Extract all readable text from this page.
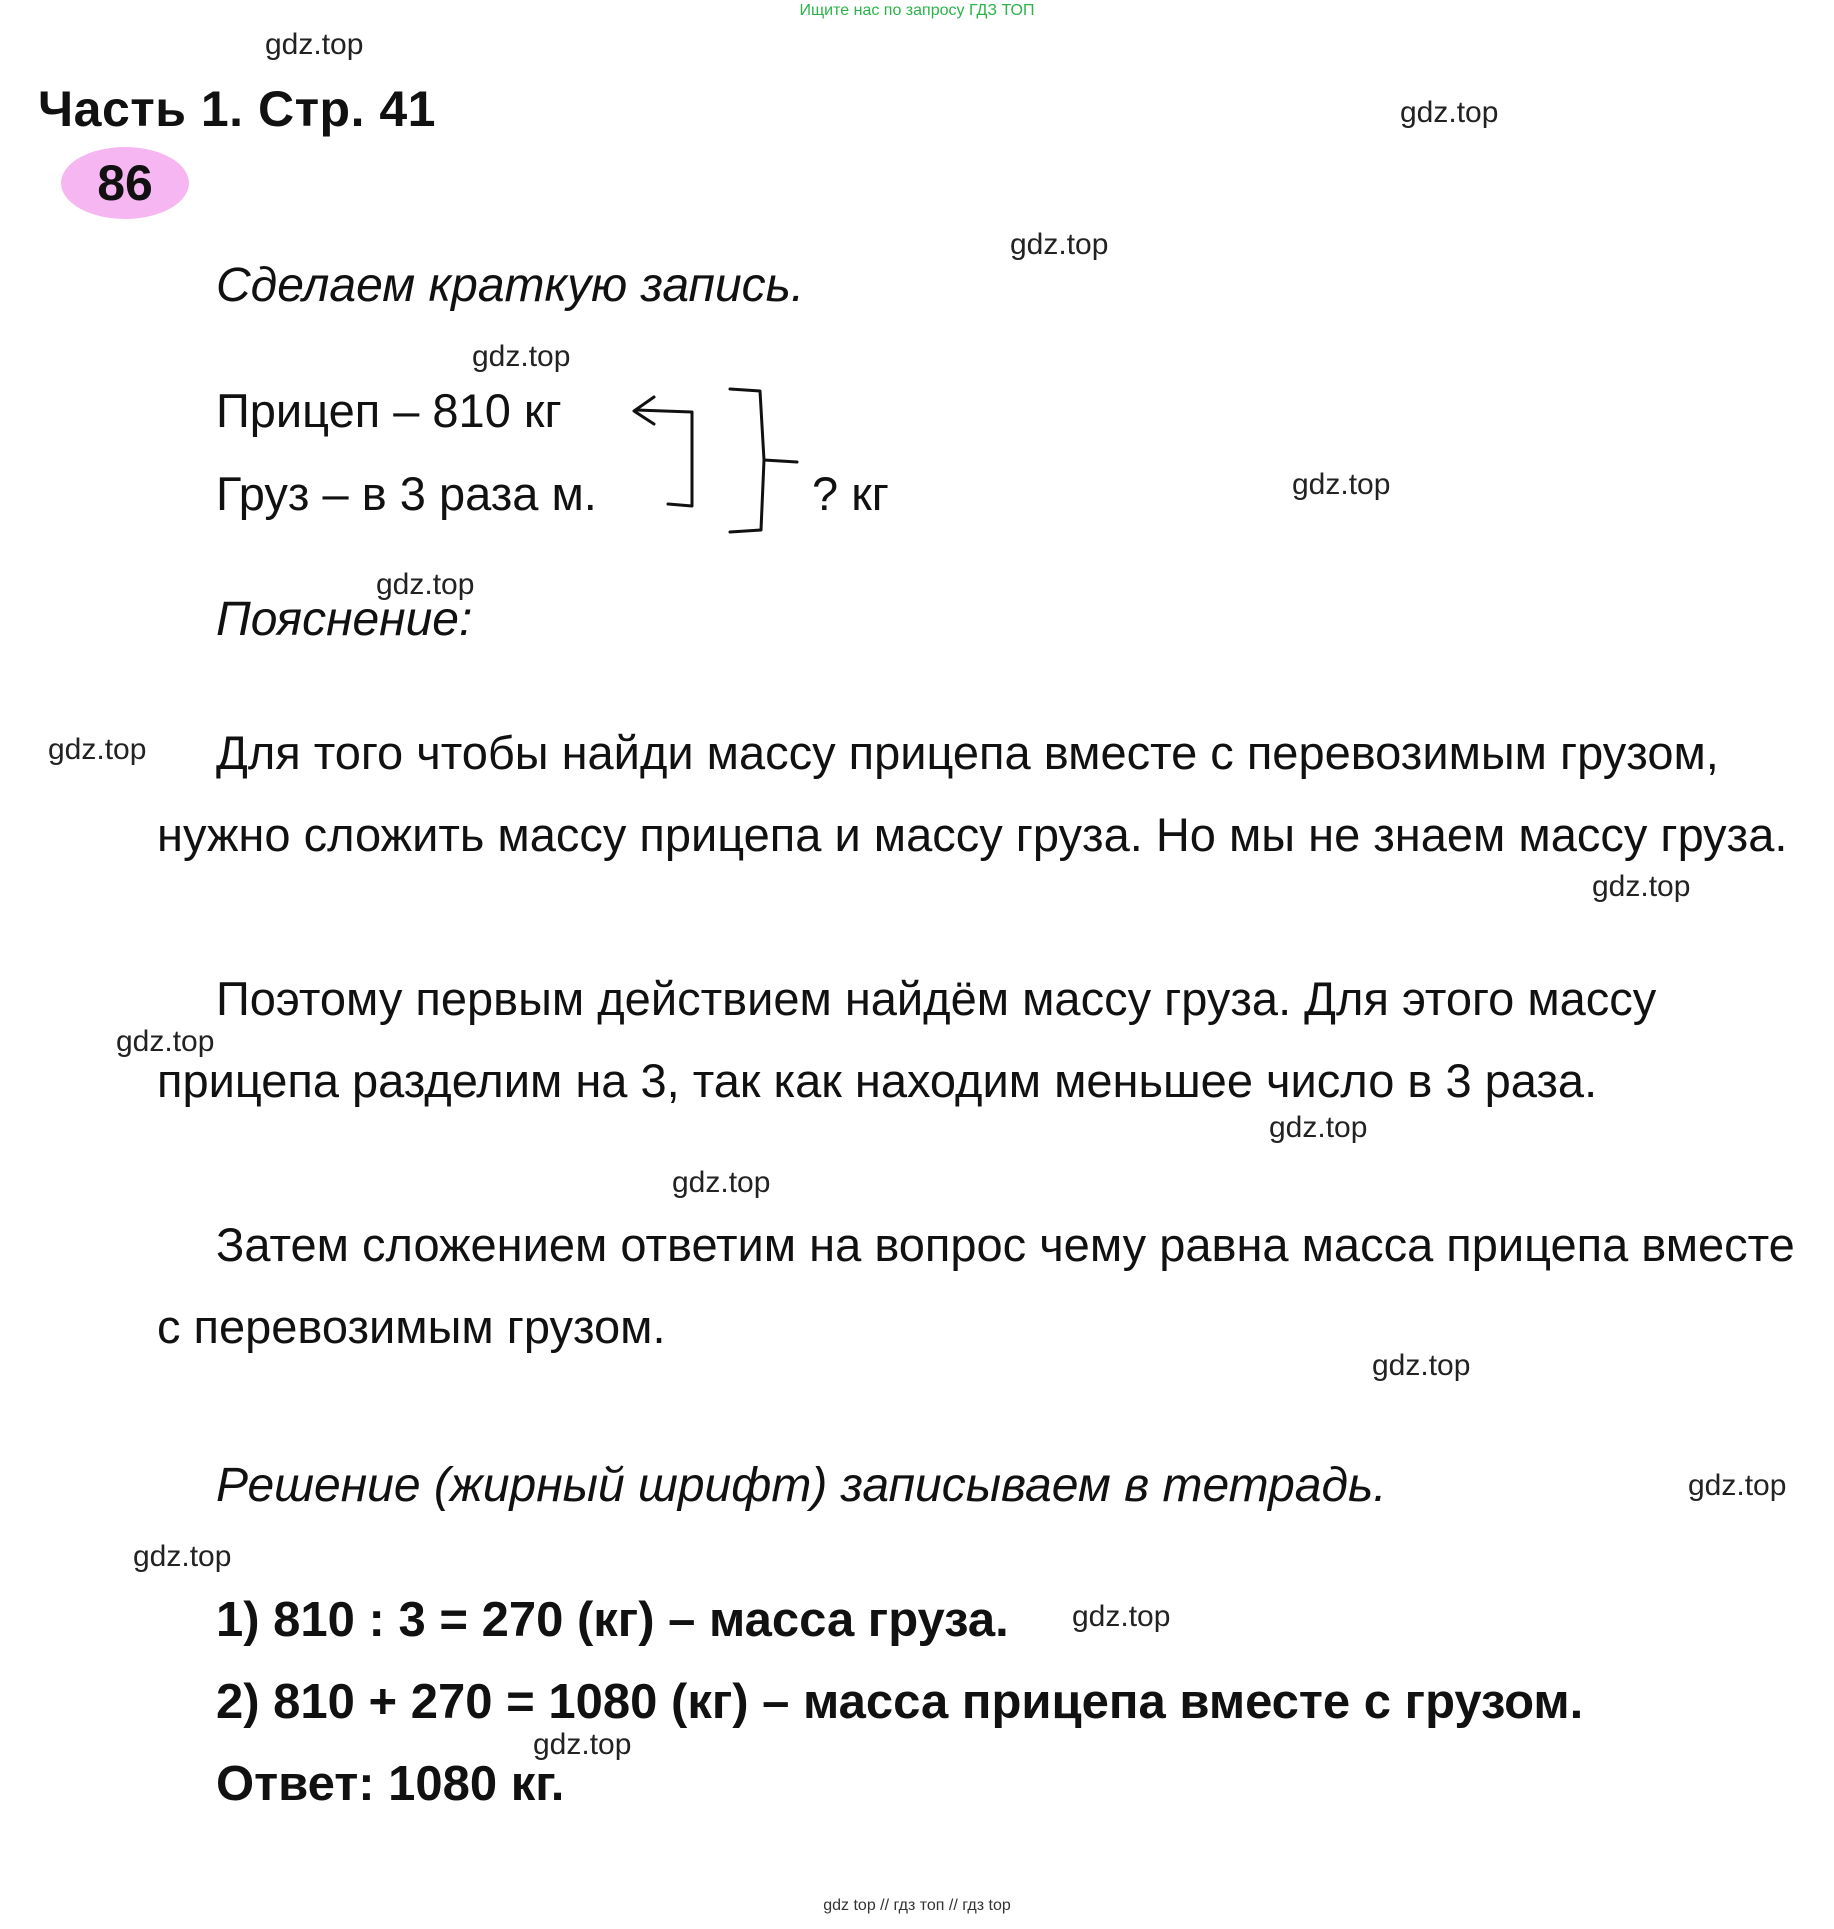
Ищите нас по запросу ГДЗ ТОП
gdz.top
gdz.top
gdz.top
gdz.top
gdz.top
gdz.top
gdz.top
gdz.top
gdz.top
gdz.top
gdz.top
gdz.top
gdz.top
gdz.top
gdz.top
gdz.top
Часть 1. Стр. 41
86
Сделаем краткую запись.
Прицеп – 810 кг
Груз – в 3 раза м.	? кг
Пояснение:

Для того чтобы найди массу прицепа вместе с перевозимым грузом, нужно сложить массу прицепа и массу груза. Но мы не знаем массу груза.

Поэтому первым действием найдём массу груза. Для этого массу прицепа разделим на 3, так как находим меньшее число в 3 раза.

Затем сложением ответим на вопрос чему равна масса прицепа вместе с перевозимым грузом.

Решение (жирный шрифт) записываем в тетрадь.
1) 810 : 3 = 270 (кг) – масса груза.
2) 810 + 270 = 1080 (кг) – масса прицепа вместе с грузом.
Ответ: 1080 кг.
gdz top // гдз топ // гдз top
